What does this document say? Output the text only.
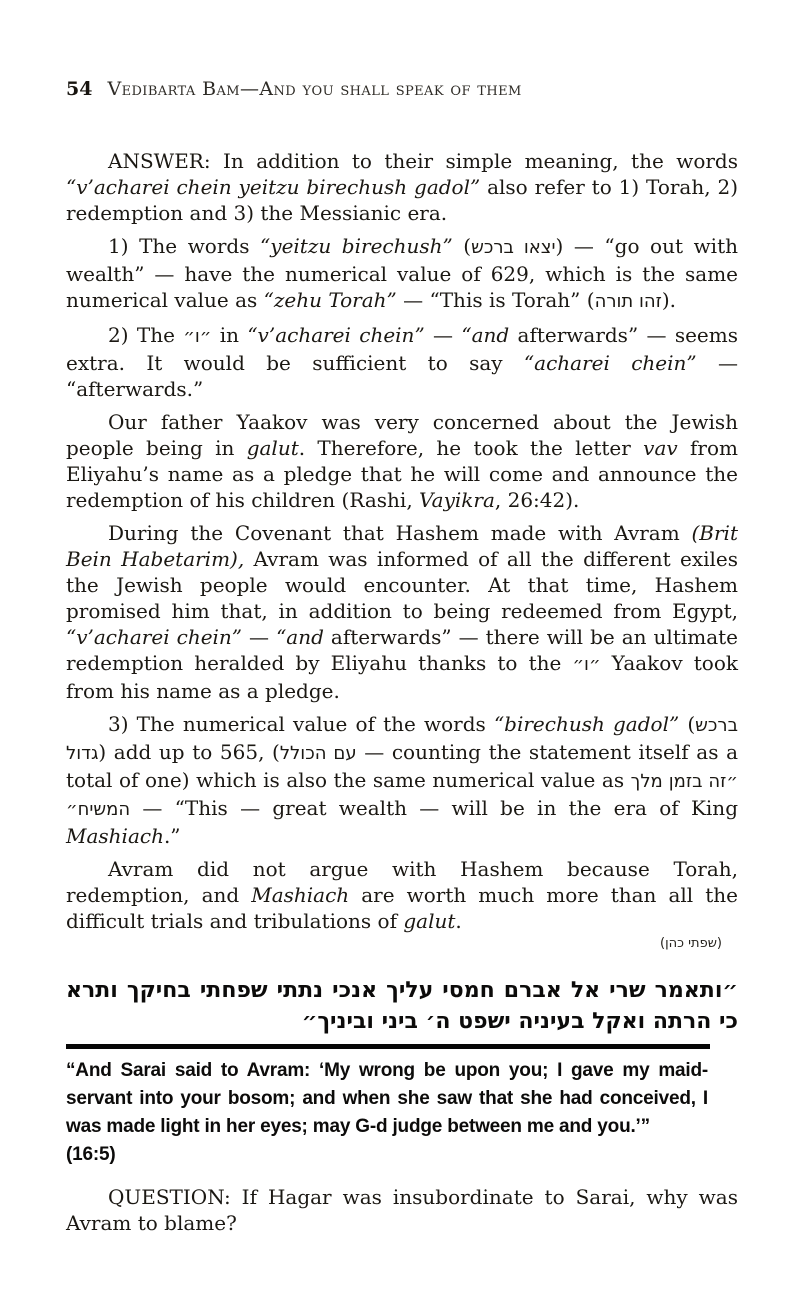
54 Vedibarta Bam—And you shall speak of them

ANSWER: In addition to their simple meaning, the words “v’acharei chein yeitzu birechush gadol” also refer to 1) Torah, 2) redemption and 3) the Messianic era.

1) The words “yeitzu birechush” (יצאו ברכש) — “go out with wealth” — have the numerical value of 629, which is the same numerical value as “zehu Torah” — “This is Torah” (זהו תורה).

2) The ״ו״ in “v’acharei chein” — “and afterwards” — seems extra. It would be sufficient to say “acharei chein” — “afterwards.”

Our father Yaakov was very concerned about the Jewish people being in galut. Therefore, he took the letter vav from Eliyahu’s name as a pledge that he will come and announce the redemption of his children (Rashi, Vayikra, 26:42).

During the Covenant that Hashem made with Avram (Brit Bein Habetarim), Avram was informed of all the different exiles the Jewish people would encounter. At that time, Hashem promised him that, in addition to being redeemed from Egypt, “v’acharei chein” — “and afterwards” — there will be an ultimate redemption heralded by Eliyahu thanks to the ״ו״ Yaakov took from his name as a pledge.

3) The numerical value of the words “birechush gadol” (ברכש גדול) add up to 565, (עם הכולל — counting the statement itself as a total of one) which is also the same numerical value as ״זה בזמן מלך המשיח״ — “This — great wealth — will be in the era of King Mashiach.”

Avram did not argue with Hashem because Torah, redemption, and Mashiach are worth much more than all the difficult trials and tribulations of galut.

(שפתי כהן)
״ותאמר שרי אל אברם חמסי עליך אנכי נתתי שפחתי בחיקך ותרא כי הרתה ואקל בעיניה ישפט ה׳ ביני וביניך״

“And Sarai said to Avram: ‘My wrong be upon you; I gave my maid-servant into your bosom; and when she saw that she had conceived, I was made light in her eyes; may G-d judge between me and you.’”

(16:5)

QUESTION: If Hagar was insubordinate to Sarai, why was Avram to blame?
